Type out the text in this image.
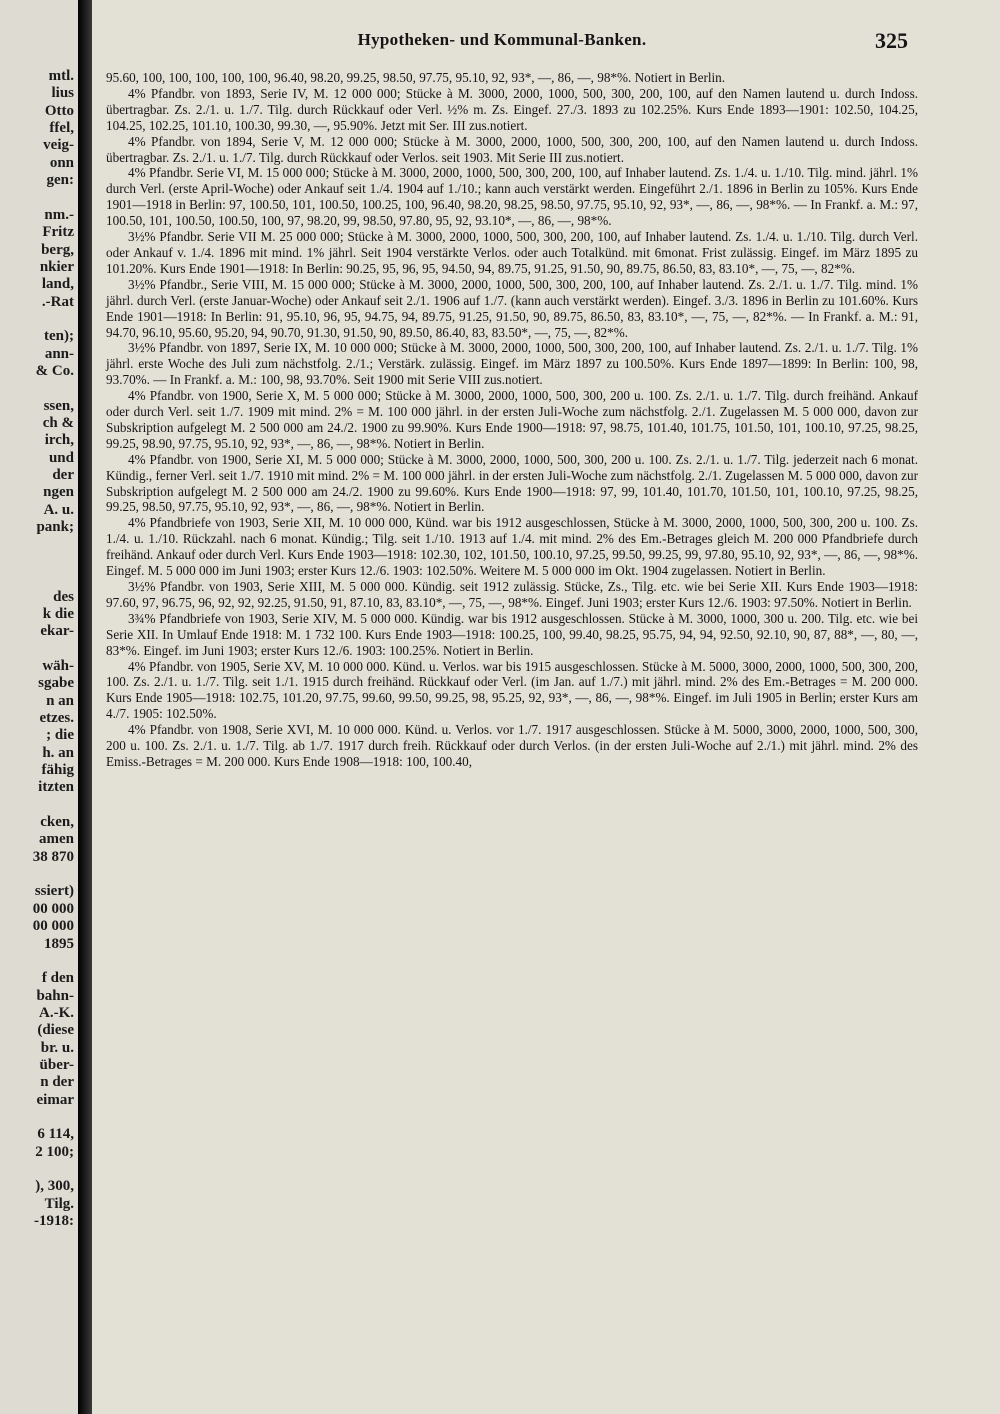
mtl.
lius
Otto
ffel,
veig-
onn
gen:
nm.-
Fritz
berg,
nkier
land,
.-Rat
ten);
ann-
& Co.
ssen,
ch &
irch,
und
der
ngen
A. u.
pank;
des
k die
ekar-
wäh-
sgabe
n an
etzes.
; die
h. an
fähig
itzten
cken,
amen
38 870
ssiert)
00 000
00 000
1895
f den
bahn-
A.-K.
(diese
br. u.
über-
n der
eimar
6 114,
2 100;
), 300,
Tilg.
-1918:
Hypotheken- und Kommunal-Banken.	325

95.60, 100, 100, 100, 100, 100, 96.40, 98.20, 99.25, 98.50, 97.75, 95.10, 92, 93*, —, 86, —, 98*%. Notiert in Berlin.

4% Pfandbr. von 1893, Serie IV, M. 12 000 000; Stücke à M. 3000, 2000, 1000, 500, 300, 200, 100, auf den Namen lautend u. durch Indoss. übertragbar. Zs. 2./1. u. 1./7. Tilg. durch Rückkauf oder Verl. ½% m. Zs. Eingef. 27./3. 1893 zu 102.25%. Kurs Ende 1893—1901: 102.50, 104.25, 104.25, 102.25, 101.10, 100.30, 99.30, —, 95.90%. Jetzt mit Ser. III zus.notiert.

4% Pfandbr. von 1894, Serie V, M. 12 000 000; Stücke à M. 3000, 2000, 1000, 500, 300, 200, 100, auf den Namen lautend u. durch Indoss. übertragbar. Zs. 2./1. u. 1./7. Tilg. durch Rückkauf oder Verlos. seit 1903. Mit Serie III zus.notiert.

4% Pfandbr. Serie VI, M. 15 000 000; Stücke à M. 3000, 2000, 1000, 500, 300, 200, 100, auf Inhaber lautend. Zs. 1./4. u. 1./10. Tilg. mind. jährl. 1% durch Verl. (erste April-Woche) oder Ankauf seit 1./4. 1904 auf 1./10.; kann auch verstärkt werden. Eingeführt 2./1. 1896 in Berlin zu 105%. Kurs Ende 1901—1918 in Berlin: 97, 100.50, 101, 100.50, 100.25, 100, 96.40, 98.20, 98.25, 98.50, 97.75, 95.10, 92, 93*, —, 86, —, 98*%. — In Frankf. a. M.: 97, 100.50, 101, 100.50, 100.50, 100, 97, 98.20, 99, 98.50, 97.80, 95, 92, 93.10*, —, 86, —, 98*%.

3½% Pfandbr. Serie VII M. 25 000 000; Stücke à M. 3000, 2000, 1000, 500, 300, 200, 100, auf Inhaber lautend. Zs. 1./4. u. 1./10. Tilg. durch Verl. oder Ankauf v. 1./4. 1896 mit mind. 1% jährl. Seit 1904 verstärkte Verlos. oder auch Totalkünd. mit 6monat. Frist zulässig. Eingef. im März 1895 zu 101.20%. Kurs Ende 1901—1918: In Berlin: 90.25, 95, 96, 95, 94.50, 94, 89.75, 91.25, 91.50, 90, 89.75, 86.50, 83, 83.10*, —, 75, —, 82*%.

3½% Pfandbr., Serie VIII, M. 15 000 000; Stücke à M. 3000, 2000, 1000, 500, 300, 200, 100, auf Inhaber lautend. Zs. 2./1. u. 1./7. Tilg. mind. 1% jährl. durch Verl. (erste Januar-Woche) oder Ankauf seit 2./1. 1906 auf 1./7. (kann auch verstärkt werden). Eingef. 3./3. 1896 in Berlin zu 101.60%. Kurs Ende 1901—1918: In Berlin: 91, 95.10, 96, 95, 94.75, 94, 89.75, 91.25, 91.50, 90, 89.75, 86.50, 83, 83.10*, —, 75, —, 82*%. — In Frankf. a. M.: 91, 94.70, 96.10, 95.60, 95.20, 94, 90.70, 91.30, 91.50, 90, 89.50, 86.40, 83, 83.50*, —, 75, —, 82*%.

3½% Pfandbr. von 1897, Serie IX, M. 10 000 000; Stücke à M. 3000, 2000, 1000, 500, 300, 200, 100, auf Inhaber lautend. Zs. 2./1. u. 1./7. Tilg. 1% jährl. erste Woche des Juli zum nächstfolg. 2./1.; Verstärk. zulässig. Eingef. im März 1897 zu 100.50%. Kurs Ende 1897—1899: In Berlin: 100, 98, 93.70%. — In Frankf. a. M.: 100, 98, 93.70%. Seit 1900 mit Serie VIII zus.notiert.

4% Pfandbr. von 1900, Serie X, M. 5 000 000; Stücke à M. 3000, 2000, 1000, 500, 300, 200 u. 100. Zs. 2./1. u. 1./7. Tilg. durch freihänd. Ankauf oder durch Verl. seit 1./7. 1909 mit mind. 2% = M. 100 000 jährl. in der ersten Juli-Woche zum nächstfolg. 2./1. Zugelassen M. 5 000 000, davon zur Subskription aufgelegt M. 2 500 000 am 24./2. 1900 zu 99.90%. Kurs Ende 1900—1918: 97, 98.75, 101.40, 101.75, 101.50, 101, 100.10, 97.25, 98.25, 99.25, 98.90, 97.75, 95.10, 92, 93*, —, 86, —, 98*%. Notiert in Berlin.

4% Pfandbr. von 1900, Serie XI, M. 5 000 000; Stücke à M. 3000, 2000, 1000, 500, 300, 200 u. 100. Zs. 2./1. u. 1./7. Tilg. jederzeit nach 6 monat. Kündig., ferner Verl. seit 1./7. 1910 mit mind. 2% = M. 100 000 jährl. in der ersten Juli-Woche zum nächstfolg. 2./1. Zugelassen M. 5 000 000, davon zur Subskription aufgelegt M. 2 500 000 am 24./2. 1900 zu 99.60%. Kurs Ende 1900—1918: 97, 99, 101.40, 101.70, 101.50, 101, 100.10, 97.25, 98.25, 99.25, 98.50, 97.75, 95.10, 92, 93*, —, 86, —, 98*%. Notiert in Berlin.

4% Pfandbriefe von 1903, Serie XII, M. 10 000 000, Künd. war bis 1912 ausgeschlossen, Stücke à M. 3000, 2000, 1000, 500, 300, 200 u. 100. Zs. 1./4. u. 1./10. Rückzahl. nach 6 monat. Kündig.; Tilg. seit 1./10. 1913 auf 1./4. mit mind. 2% des Em.-Betrages gleich M. 200 000 Pfandbriefe durch freihänd. Ankauf oder durch Verl. Kurs Ende 1903—1918: 102.30, 102, 101.50, 100.10, 97.25, 99.50, 99.25, 99, 97.80, 95.10, 92, 93*, —, 86, —, 98*%. Eingef. M. 5 000 000 im Juni 1903; erster Kurs 12./6. 1903: 102.50%. Weitere M. 5 000 000 im Okt. 1904 zugelassen. Notiert in Berlin.

3½% Pfandbr. von 1903, Serie XIII, M. 5 000 000. Kündig. seit 1912 zulässig. Stücke, Zs., Tilg. etc. wie bei Serie XII. Kurs Ende 1903—1918: 97.60, 97, 96.75, 96, 92, 92, 92.25, 91.50, 91, 87.10, 83, 83.10*, —, 75, —, 98*%. Eingef. Juni 1903; erster Kurs 12./6. 1903: 97.50%. Notiert in Berlin.

3¾% Pfandbriefe von 1903, Serie XIV, M. 5 000 000. Kündig. war bis 1912 ausgeschlossen. Stücke à M. 3000, 1000, 300 u. 200. Tilg. etc. wie bei Serie XII. In Umlauf Ende 1918: M. 1 732 100. Kurs Ende 1903—1918: 100.25, 100, 99.40, 98.25, 95.75, 94, 94, 92.50, 92.10, 90, 87, 88*, —, 80, —, 83*%. Eingef. im Juni 1903; erster Kurs 12./6. 1903: 100.25%. Notiert in Berlin.

4% Pfandbr. von 1905, Serie XV, M. 10 000 000. Künd. u. Verlos. war bis 1915 ausgeschlossen. Stücke à M. 5000, 3000, 2000, 1000, 500, 300, 200, 100. Zs. 2./1. u. 1./7. Tilg. seit 1./1. 1915 durch freihänd. Rückkauf oder Verl. (im Jan. auf 1./7.) mit jährl. mind. 2% des Em.-Betrages = M. 200 000. Kurs Ende 1905—1918: 102.75, 101.20, 97.75, 99.60, 99.50, 99.25, 98, 95.25, 92, 93*, —, 86, —, 98*%. Eingef. im Juli 1905 in Berlin; erster Kurs am 4./7. 1905: 102.50%.

4% Pfandbr. von 1908, Serie XVI, M. 10 000 000. Künd. u. Verlos. vor 1./7. 1917 ausgeschlossen. Stücke à M. 5000, 3000, 2000, 1000, 500, 300, 200 u. 100. Zs. 2./1. u. 1./7. Tilg. ab 1./7. 1917 durch freih. Rückkauf oder durch Verlos. (in der ersten Juli-Woche auf 2./1.) mit jährl. mind. 2% des Emiss.-Betrages = M. 200 000. Kurs Ende 1908—1918: 100, 100.40,
